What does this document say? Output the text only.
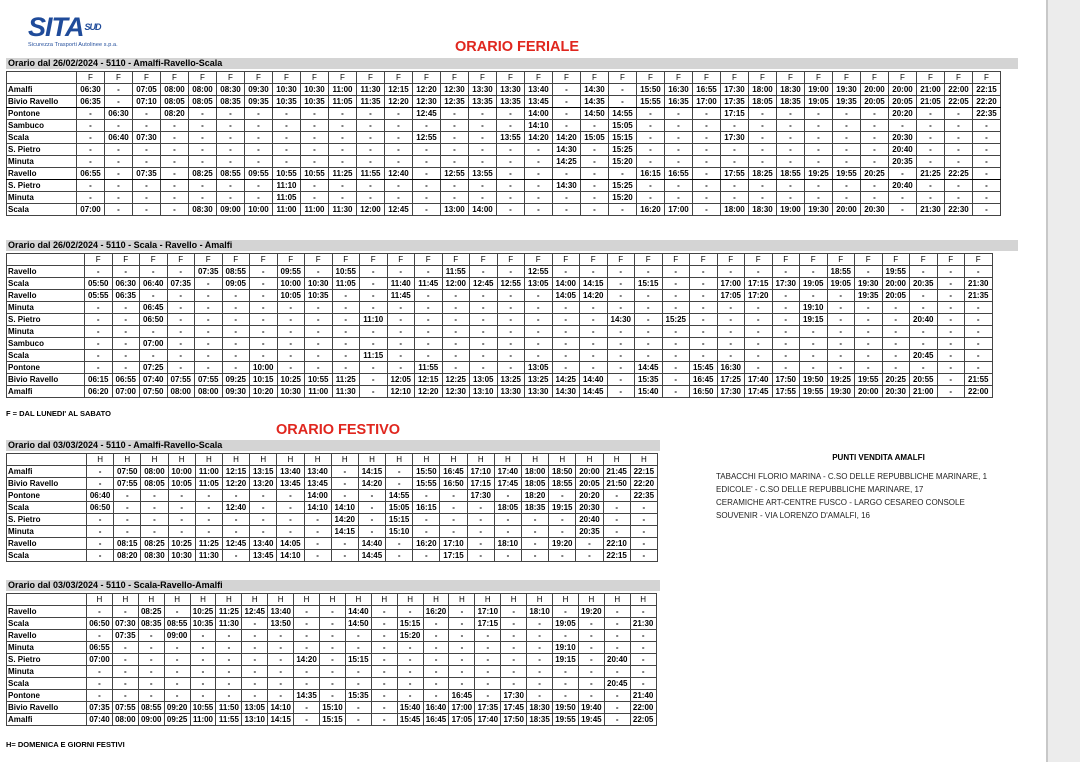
$SITA^{SUD}$
Sicurezza Trasporti Autolinee s.p.a.	ORARIO FERIALE
Orario dal 26/02/2024 - 5110 - Amalfi-Ravello-Scala
	F	F	F	F	F	F	F	F	F	F	F	F	F	F	F	F	F	F	F	F	F	F	F	F	F	F	F	F	F	F	F	F	F
Amalfi	06:30	-	07:05	08:00	08:00	08:30	09:30	10:30	10:30	11:00	11:30	12:15	12:20	12:30	13:30	13:30	13:40	-	14:30	-	15:50	16:30	16:55	17:30	18:00	18:30	19:00	19:30	20:00	20:00	21:00	22:00	22:15
Bivio Ravello	06:35	-	07:10	08:05	08:05	08:35	09:35	10:35	10:35	11:05	11:35	12:20	12:30	12:35	13:35	13:35	13:45	-	14:35	-	15:55	16:35	17:00	17:35	18:05	18:35	19:05	19:35	20:05	20:05	21:05	22:05	22:20
Pontone	-	06:30	-	08:20	-	-	-	-	-	-	-	-	12:45	-	-	-	14:00	-	14:50	14:55	-	-	-	17:15	-	-	-	-	-	20:20	-	-	22:35
Sambuco	-	-	-	-	-	-	-	-	-	-	-	-	-	-	-	-	14:10	-	-	15:05	-	-	-	-	-	-	-	-	-	-	-	-	-
Scala	-	06:40	07:30	-	-	-	-	-	-	-	-	-	12:55	-	-	13:55	14:20	14:20	15:05	15:15	-	-	-	17:30	-	-	-	-	-	20:30	-	-	-
S. Pietro	-	-	-	-	-	-	-	-	-	-	-	-	-	-	-	-	-	14:30	-	15:25	-	-	-	-	-	-	-	-	-	20:40	-	-	-
Minuta	-	-	-	-	-	-	-	-	-	-	-	-	-	-	-	-	-	14:25	-	15:20	-	-	-	-	-	-	-	-	-	20:35	-	-	-
Ravello	06:55	-	07:35	-	08:25	08:55	09:55	10:55	10:55	11:25	11:55	12:40	-	12:55	13:55	-	-	-	-	-	16:15	16:55	-	17:55	18:25	18:55	19:25	19:55	20:25	-	21:25	22:25	-
S. Pietro	-	-	-	-	-	-	-	11:10	-	-	-	-	-	-	-	-	-	14:30	-	15:25	-	-	-	-	-	-	-	-	-	20:40	-	-	-
Minuta	-	-	-	-	-	-	-	11:05	-	-	-	-	-	-	-	-	-	-	-	15:20	-	-	-	-	-	-	-	-	-	-	-	-	-
Scala	07:00	-	-	-	08:30	09:00	10:00	11:00	11:00	11:30	12:00	12:45	-	13:00	14:00	-	-	-	-	-	16:20	17:00	-	18:00	18:30	19:00	19:30	20:00	20:30	-	21:30	22:30	-
Orario dal 26/02/2024 - 5110 - Scala - Ravello - Amalfi
	F	F	F	F	F	F	F	F	F	F	F	F	F	F	F	F	F	F	F	F	F	F	F	F	F	F	F	F	F	F	F	F	F	
Ravello	-	-	-	-	07:35	08:55	-	09:55	-	10:55	-	-	-	11:55	-	-	12:55	-	-	-	-	-	-	-	-	-	-	18:55	-	19:55	-	-	-	
Scala	05:50	06:30	06:40	07:35	-	09:05	-	10:00	10:30	11:05	-	11:40	11:45	12:00	12:45	12:55	13:05	14:00	14:15	-	15:15	-	-	17:00	17:15	17:30	19:05	19:05	19:30	20:00	20:35	-	21:30	
Ravello	05:55	06:35	-	-	-	-	-	10:05	10:35	-	-	11:45	-	-	-	-	-	14:05	14:20	-	-	-	-	17:05	17:20	-	-	-	19:35	20:05	-	-	21:35	
Minuta	-	-	06:45	-	-	-	-	-	-	-	-	-	-	-	-	-	-	-	-	-	-	-	-	-	-	-	19:10	-	-	-	-	-	-	
S. Pietro	-	-	06:50	-	-	-	-	-	-	-	11:10	-	-	-	-	-	-	-	-	14:30	-	15:25	-	-	-	-	19:15	-	-	-	20:40	-	-	
Minuta	-	-	-	-	-	-	-	-	-	-	-	-	-	-	-	-	-	-	-	-	-	-	-	-	-	-	-	-	-	-	-	-	-	
Sambuco	-	-	07:00	-	-	-	-	-	-	-	-	-	-	-	-	-	-	-	-	-	-	-	-	-	-	-	-	-	-	-	-	-	-	
Scala	-	-	-	-	-	-	-	-	-	-	11:15	-	-	-	-	-	-	-	-	-	-	-	-	-	-	-	-	-	-	-	20:45	-	-	
Pontone	-	-	07:25	-	-	-	10:00	-	-	-	-	-	11:55	-	-	-	13:05	-	-	-	14:45	-	15:45	16:30	-	-	-	-	-	-	-	-	-	
Bivio Ravello	06:15	06:55	07:40	07:55	07:55	09:25	10:15	10:25	10:55	11:25	-	12:05	12:15	12:25	13:05	13:25	13:25	14:25	14:40	-	15:35	-	16:45	17:25	17:40	17:50	19:50	19:25	19:55	20:25	20:55	-	21:55	
Amalfi	06:20	07:00	07:50	08:00	08:00	09:30	10:20	10:30	11:00	11:30	-	12:10	12:20	12:30	13:10	13:30	13:30	14:30	14:45	-	15:40	-	16:50	17:30	17:45	17:55	19:55	19:30	20:00	20:30	21:00	-	22:00	
F = DAL LUNEDI' AL SABATO
ORARIO FESTIVO
Orario dal 03/03/2024 - 5110 - Amalfi-Ravello-Scala
	H	H	H	H	H	H	H	H	H	H	H	H	H	H	H	H	H	H	H	H	H
Amalfi	-	07:50	08:00	10:00	11:00	12:15	13:15	13:40	13:40	-	14:15	-	15:50	16:45	17:10	17:40	18:00	18:50	20:00	21:45	22:15
Bivio Ravello	-	07:55	08:05	10:05	11:05	12:20	13:20	13:45	13:45	-	14:20	-	15:55	16:50	17:15	17:45	18:05	18:55	20:05	21:50	22:20
Pontone	06:40	-	-	-	-	-	-	-	14:00	-	-	14:55	-	-	17:30	-	18:20	-	20:20	-	22:35
Scala	06:50	-	-	-	-	12:40	-	-	14:10	14:10	-	15:05	16:15	-	-	18:05	18:35	19:15	20:30	-	-
S. Pietro	-	-	-	-	-	-	-	-	-	14:20	-	15:15	-	-	-	-	-	-	20:40	-	-
Minuta	-	-	-	-	-	-	-	-	-	14:15	-	15:10	-	-	-	-	-	-	20:35	-	-
Ravello	-	08:15	08:25	10:25	11:25	12:45	13:40	14:05	-	-	14:40	-	16:20	17:10	-	18:10	-	19:20	-	22:10	-
Scala	-	08:20	08:30	10:30	11:30	-	13:45	14:10	-	-	14:45	-	-	17:15	-	-	-	-	-	22:15	-
Orario dal 03/03/2024 - 5110 - Scala-Ravello-Amalfi
	H	H	H	H	H	H	H	H	H	H	H	H	H	H	H	H	H	H	H	H	H	H
Ravello	-	-	08:25	-	10:25	11:25	12:45	13:40	-	-	14:40	-	-	16:20	-	17:10	-	18:10	-	19:20	-	-
Scala	06:50	07:30	08:35	08:55	10:35	11:30	-	13:50	-	-	14:50	-	15:15	-	-	17:15	-	-	19:05	-	-	21:30
Ravello	-	07:35	-	09:00	-	-	-	-	-	-	-	-	15:20	-	-	-	-	-	-	-	-	-
Minuta	06:55	-	-	-	-	-	-	-	-	-	-	-	-	-	-	-	-	-	19:10	-	-	-
S. Pietro	07:00	-	-	-	-	-	-	-	14:20	-	15:15	-	-	-	-	-	-	-	19:15	-	20:40	-
Minuta	-	-	-	-	-	-	-	-	-	-	-	-	-	-	-	-	-	-	-	-	-	-
Scala	-	-	-	-	-	-	-	-	-	-	-	-	-	-	-	-	-	-	-	-	20:45	-
Pontone	-	-	-	-	-	-	-	-	14:35	-	15:35	-	-	-	16:45	-	17:30	-	-	-	-	21:40
Bivio Ravello	07:35	07:55	08:55	09:20	10:55	11:50	13:05	14:10	-	15:10	-	-	15:40	16:40	17:00	17:35	17:45	18:30	19:50	19:40	-	22:00
Amalfi	07:40	08:00	09:00	09:25	11:00	11:55	13:10	14:15	-	15:15	-	-	15:45	16:45	17:05	17:40	17:50	18:35	19:55	19:45	-	22:05
H= DOMENICA E GIORNI FESTIVI
PUNTI VENDITA AMALFI
TABACCHI FLORIO MARINA - C.SO DELLE REPUBBLICHE MARINARE, 1
EDICOLE' - C.SO DELLE REPUBBLICHE MARINARE, 17
CERAMICHE ART-CENTRE FUSCO - LARGO CESAREO CONSOLE
SOUVENIR - VIA LORENZO D'AMALFI, 16
